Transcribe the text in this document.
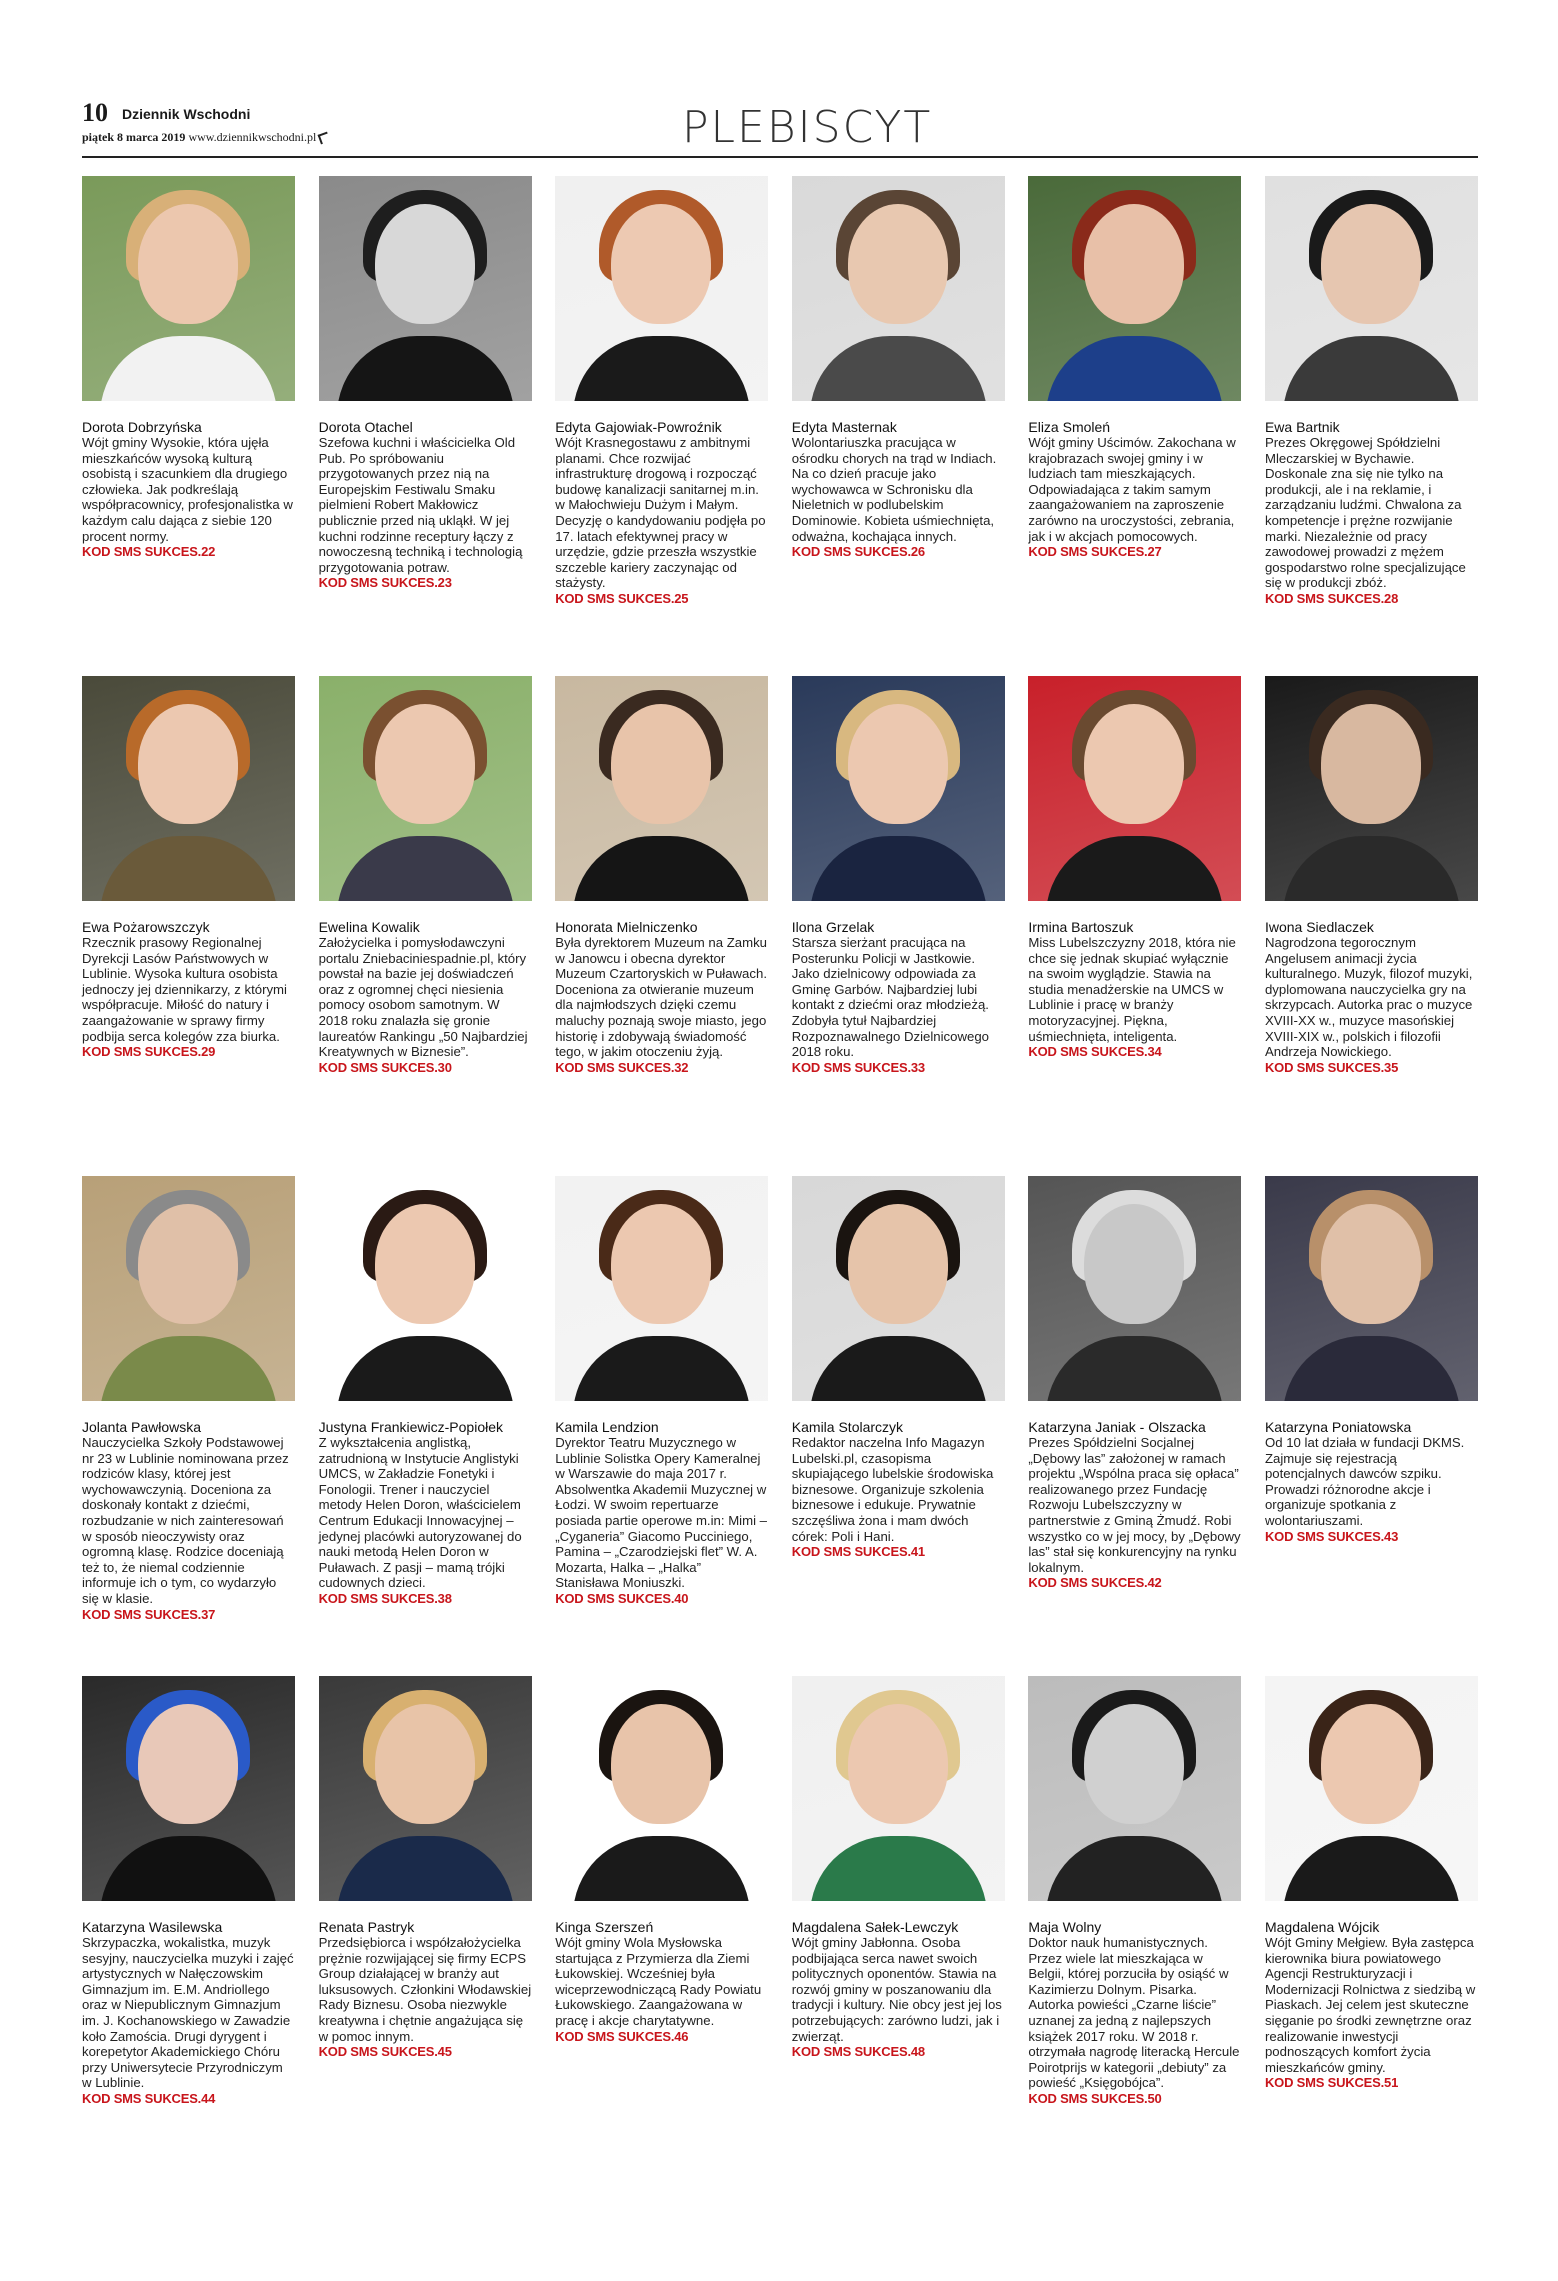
10 Dziennik Wschodni
piątek 8 marca 2019 www.dziennikwschodni.pl	PLEBISCYT
Dorota Dobrzyńska
Wójt gminy Wysokie, która ujęła mieszkańców wysoką kulturą osobistą i szacunkiem dla drugiego człowieka. Jak podkreślają współpracownicy, profesjonalistka w każdym calu dająca z siebie 120 procent normy.
KOD SMS SUKCES.22
Dorota Otachel
Szefowa kuchni i właścicielka Old Pub. Po spróbowaniu przygotowanych przez nią na Europejskim Festiwalu Smaku pielmieni Robert Makłowicz publicznie przed nią ukląkł. W jej kuchni rodzinne receptury łączy z nowoczesną techniką i technologią przygotowania potraw.
KOD SMS SUKCES.23
Edyta Gajowiak-Powroźnik
Wójt Krasnegostawu z ambitnymi planami. Chce rozwijać infrastrukturę drogową i rozpocząć budowę kanalizacji sanitarnej m.in. w Małochwieju Dużym i Małym. Decyzję o kandydowaniu podjęła po 17. latach efektywnej pracy w urzędzie, gdzie przeszła wszystkie szczeble kariery zaczynając od stażysty.
KOD SMS SUKCES.25
Edyta Masternak
Wolontariuszka pracująca w ośrodku chorych na trąd w Indiach. Na co dzień pracuje jako wychowawca w Schronisku dla Nieletnich w podlubelskim Dominowie. Kobieta uśmiechnięta, odważna, kochająca innych.
KOD SMS SUKCES.26
Eliza Smoleń
Wójt gminy Uścimów. Zakochana w krajobrazach swojej gminy i w ludziach tam mieszkających. Odpowiadająca z takim samym zaangażowaniem na zaproszenie zarówno na uroczystości, zebrania, jak i w akcjach pomocowych.
KOD SMS SUKCES.27
Ewa Bartnik
Prezes Okręgowej Spółdzielni Mleczarskiej w Bychawie. Doskonale zna się nie tylko na produkcji, ale i na reklamie, i zarządzaniu ludźmi. Chwalona za kompetencje i prężne rozwijanie marki. Niezależnie od pracy zawodowej prowadzi z mężem gospodarstwo rolne specjalizujące się w produkcji zbóż.
KOD SMS SUKCES.28
Ewa Pożarowszczyk
Rzecznik prasowy Regionalnej Dyrekcji Lasów Państwowych w Lublinie. Wysoka kultura osobista jednoczy jej dziennikarzy, z którymi współpracuje. Miłość do natury i zaangażowanie w sprawy firmy podbija serca kolegów zza biurka.
KOD SMS SUKCES.29
Ewelina Kowalik
Założycielka i pomysłodawczyni portalu Zniebaciniespadnie.pl, który powstał na bazie jej doświadczeń oraz z ogromnej chęci niesienia pomocy osobom samotnym. W 2018 roku znalazła się gronie laureatów Rankingu „50 Najbardziej Kreatywnych w Biznesie”.
KOD SMS SUKCES.30
Honorata Mielniczenko
Była dyrektorem Muzeum na Zamku w Janowcu i obecna dyrektor Muzeum Czartoryskich w Puławach. Doceniona za otwieranie muzeum dla najmłodszych dzięki czemu maluchy poznają swoje miasto, jego historię i zdobywają świadomość tego, w jakim otoczeniu żyją.
KOD SMS SUKCES.32
Ilona Grzelak
Starsza sierżant pracująca na Posterunku Policji w Jastkowie. Jako dzielnicowy odpowiada za Gminę Garbów. Najbardziej lubi kontakt z dziećmi oraz młodzieżą. Zdobyła tytuł Najbardziej Rozpoznawalnego Dzielnicowego 2018 roku.
KOD SMS SUKCES.33
Irmina Bartoszuk
Miss Lubelszczyzny 2018, która nie chce się jednak skupiać wyłącznie na swoim wyglądzie. Stawia na studia menadżerskie na UMCS w Lublinie i pracę w branży motoryzacyjnej. Piękna, uśmiechnięta, inteligenta.
KOD SMS SUKCES.34
Iwona Siedlaczek
Nagrodzona tegorocznym Angelusem animacji życia kulturalnego. Muzyk, filozof muzyki, dyplomowana nauczycielka gry na skrzypcach. Autorka prac o muzyce XVIII-XX w., muzyce masońskiej XVIII-XIX w., polskich i filozofii Andrzeja Nowickiego.
KOD SMS SUKCES.35
Jolanta Pawłowska
Nauczycielka Szkoły Podstawowej nr 23 w Lublinie nominowana przez rodziców klasy, której jest wychowawczynią. Doceniona za doskonały kontakt z dziećmi, rozbudzanie w nich zainteresowań w sposób nieoczywisty oraz ogromną klasę. Rodzice doceniają też to, że niemal codziennie informuje ich o tym, co wydarzyło się w klasie.
KOD SMS SUKCES.37
Justyna Frankiewicz-Popiołek
Z wykształcenia anglistką, zatrudnioną w Instytucie Anglistyki UMCS, w Zakładzie Fonetyki i Fonologii. Trener i nauczyciel metody Helen Doron, właścicielem Centrum Edukacji Innowacyjnej – jedynej placówki autoryzowanej do nauki metodą Helen Doron w Puławach. Z pasji – mamą trójki cudownych dzieci.
KOD SMS SUKCES.38
Kamila Lendzion
Dyrektor Teatru Muzycznego w Lublinie Solistka Opery Kameralnej w Warszawie do maja 2017 r. Absolwentka Akademii Muzycznej w Łodzi. W swoim repertuarze posiada partie operowe m.in: Mimi – „Cyganeria” Giacomo Pucciniego, Pamina – „Czarodziejski flet” W. A. Mozarta, Halka – „Halka” Stanisława Moniuszki.
KOD SMS SUKCES.40
Kamila Stolarczyk
Redaktor naczelna Info Magazyn Lubelski.pl, czasopisma skupiającego lubelskie środowiska biznesowe. Organizuje szkolenia biznesowe i edukuje. Prywatnie szczęśliwa żona i mam dwóch córek: Poli i Hani.
KOD SMS SUKCES.41
Katarzyna Janiak - Olszacka
Prezes Spółdzielni Socjalnej „Dębowy las” założonej w ramach projektu „Wspólna praca się opłaca” realizowanego przez Fundację Rozwoju Lubelszczyzny w partnerstwie z Gminą Żmudź. Robi wszystko co w jej mocy, by „Dębowy las” stał się konkurencyjny na rynku lokalnym.
KOD SMS SUKCES.42
Katarzyna Poniatowska
Od 10 lat działa w fundacji DKMS. Zajmuje się rejestracją potencjalnych dawców szpiku. Prowadzi różnorodne akcje i organizuje spotkania z wolontariuszami.
KOD SMS SUKCES.43
Katarzyna Wasilewska
Skrzypaczka, wokalistka, muzyk sesyjny, nauczycielka muzyki i zajęć artystycznych w Nałęczowskim Gimnazjum im. E.M. Andriollego oraz w Niepublicznym Gimnazjum im. J. Kochanowskiego w Zawadzie koło Zamościa. Drugi dyrygent i korepetytor Akademickiego Chóru przy Uniwersytecie Przyrodniczym w Lublinie.
KOD SMS SUKCES.44
Renata Pastryk
Przedsiębiorca i współzałożycielka prężnie rozwijającej się firmy ECPS Group działającej w branży aut luksusowych. Członkini Włodawskiej Rady Biznesu. Osoba niezwykle kreatywna i chętnie angażująca się w pomoc innym.
KOD SMS SUKCES.45
Kinga Szerszeń
Wójt gminy Wola Mysłowska startująca z Przymierza dla Ziemi Łukowskiej. Wcześniej była wiceprzewodniczącą Rady Powiatu Łukowskiego. Zaangażowana w pracę i akcje charytatywne.
KOD SMS SUKCES.46
Magdalena Sałek-Lewczyk
Wójt gminy Jabłonna. Osoba podbijająca serca nawet swoich politycznych oponentów. Stawia na rozwój gminy w poszanowaniu dla tradycji i kultury. Nie obcy jest jej los potrzebujących: zarówno ludzi, jak i zwierząt.
KOD SMS SUKCES.48
Maja Wolny
Doktor nauk humanistycznych. Przez wiele lat mieszkająca w Belgii, której porzuciła by osiąść w Kazimierzu Dolnym. Pisarka. Autorka powieści „Czarne liście” uznanej za jedną z najlepszych książek 2017 roku. W 2018 r. otrzymała nagrodę literacką Hercule Poirotprijs w kategorii „debiuty” za powieść „Księgobójca”.
KOD SMS SUKCES.50
Magdalena Wójcik
Wójt Gminy Mełgiew. Była zastępca kierownika biura powiatowego Agencji Restrukturyzacji i Modernizacji Rolnictwa z siedzibą w Piaskach. Jej celem jest skuteczne sięganie po środki zewnętrzne oraz realizowanie inwestycji podnoszących komfort życia mieszkańców gminy.
KOD SMS SUKCES.51
